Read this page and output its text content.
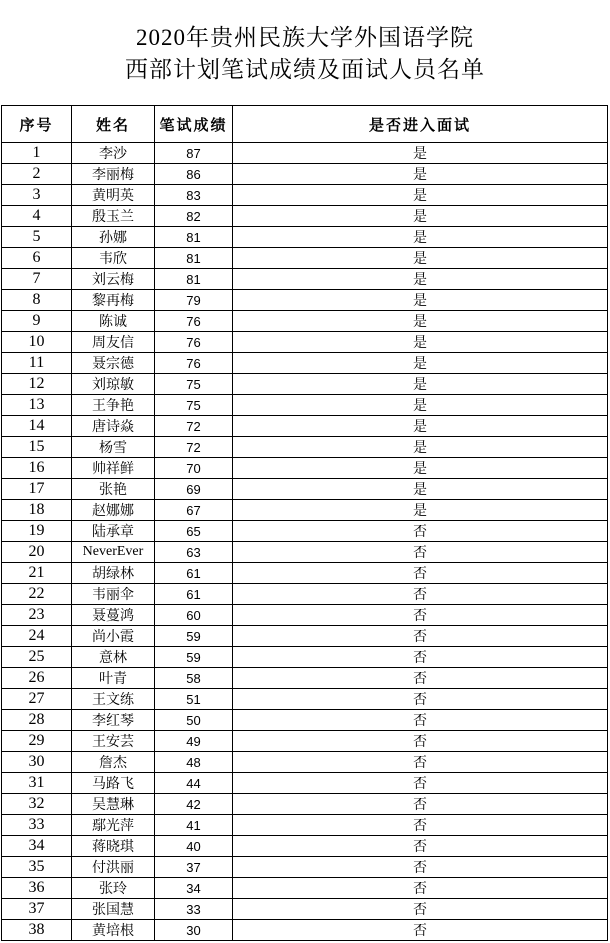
2020年贵州民族大学外国语学院
西部计划笔试成绩及面试人员名单
序号	姓名	笔试成绩	是否进入面试
1	李沙	87	是
2	李丽梅	86	是
3	黄明英	83	是
4	殷玉兰	82	是
5	孙娜	81	是
6	韦欣	81	是
7	刘云梅	81	是
8	黎再梅	79	是
9	陈诚	76	是
10	周友信	76	是
11	聂宗德	76	是
12	刘琼敏	75	是
13	王争艳	75	是
14	唐诗焱	72	是
15	杨雪	72	是
16	帅祥鲜	70	是
17	张艳	69	是
18	赵娜娜	67	是
19	陆承章	65	否
20	NeverEver	63	否
21	胡绿林	61	否
22	韦丽伞	61	否
23	聂蔓鸿	60	否
24	尚小霞	59	否
25	意林	59	否
26	叶青	58	否
27	王文练	51	否
28	李红琴	50	否
29	王安芸	49	否
30	詹杰	48	否
31	马路飞	44	否
32	吴慧琳	42	否
33	鄢光萍	41	否
34	蒋晓琪	40	否
35	付洪丽	37	否
36	张玲	34	否
37	张国慧	33	否
38	黄培根	30	否
